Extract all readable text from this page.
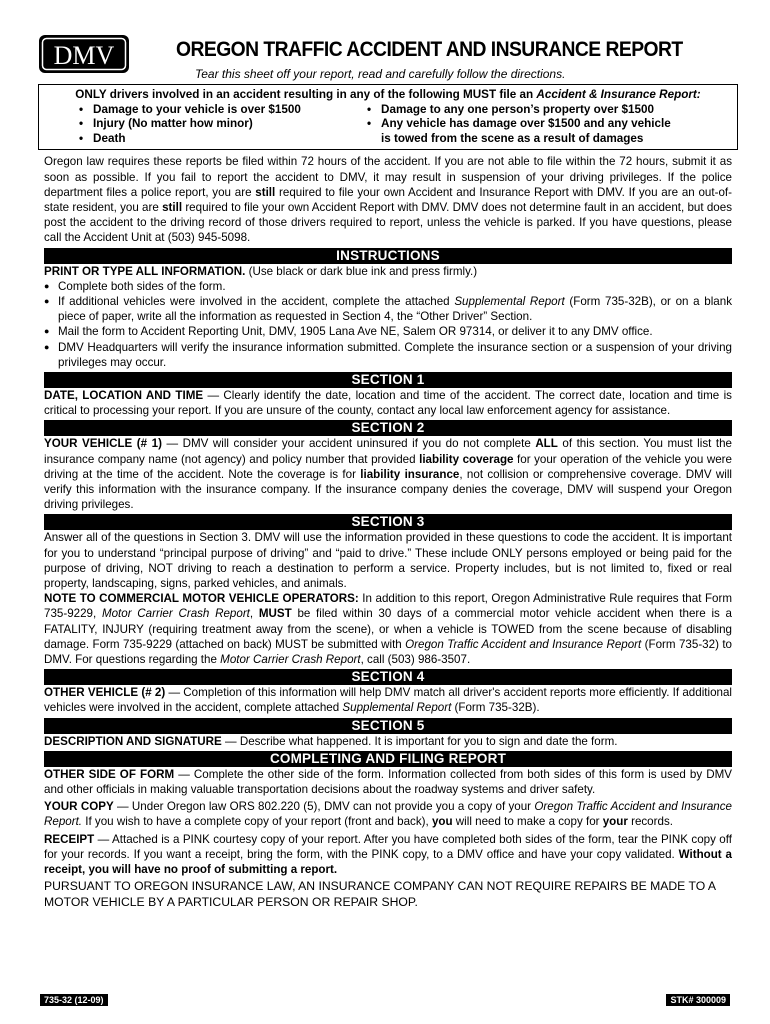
DMV	OREGON TRAFFIC ACCIDENT AND INSURANCE REPORT
Tear this sheet off your report, read and carefully follow the directions.
ONLY drivers involved in an accident resulting in any of the following MUST file an Accident & Insurance Report:
• Damage to your vehicle is over $1500
• Injury (No matter how minor)
• Death
• Damage to any one person’s property over $1500
• Any vehicle has damage over $1500 and any vehicle
is towed from the scene as a result of damages
Oregon law requires these reports be filed within 72 hours of the accident. If you are not able to file within the 72 hours, submit it as soon as possible. If you fail to report the accident to DMV, it may result in suspension of your driving privileges. If the police department files a police report, you are still required to file your own Accident and Insurance Report with DMV. If you are an out-of-state resident, you are still required to file your own Accident Report with DMV. DMV does not determine fault in an accident, but does post the accident to the driving record of those drivers required to report, unless the vehicle is parked. If you have questions, please call the Accident Unit at (503) 945-5098.
INSTRUCTIONS
PRINT OR TYPE ALL INFORMATION. (Use black or dark blue ink and press firmly.)
● Complete both sides of the form.
● If additional vehicles were involved in the accident, complete the attached Supplemental Report (Form 735-32B), or on a blank piece of paper, write all the information as requested in Section 4, the “Other Driver” Section.
● Mail the form to Accident Reporting Unit, DMV, 1905 Lana Ave NE, Salem OR 97314, or deliver it to any DMV office.
● DMV Headquarters will verify the insurance information submitted. Complete the insurance section or a suspension of your driving privileges may occur.
SECTION 1
DATE, LOCATION AND TIME — Clearly identify the date, location and time of the accident. The correct date, location and time is critical to processing your report. If you are unsure of the county, contact any local law enforcement agency for assistance.
SECTION 2
YOUR VEHICLE (# 1) — DMV will consider your accident uninsured if you do not complete ALL of this section. You must list the insurance company name (not agency) and policy number that provided liability coverage for your operation of the vehicle you were driving at the time of the accident. Note the coverage is for liability insurance, not collision or comprehensive coverage. DMV will verify this information with the insurance company. If the insurance company denies the coverage, DMV will suspend your Oregon driving privileges.
SECTION 3
Answer all of the questions in Section 3. DMV will use the information provided in these questions to code the accident. It is important for you to understand “principal purpose of driving” and “paid to drive.” These include ONLY persons employed or being paid for the purpose of driving, NOT driving to reach a destination to perform a service. Property includes, but is not limited to, fixed or real property, landscaping, signs, parked vehicles, and animals.
NOTE TO COMMERCIAL MOTOR VEHICLE OPERATORS: In addition to this report, Oregon Administrative Rule requires that Form 735-9229, Motor Carrier Crash Report, MUST be filed within 30 days of a commercial motor vehicle accident when there is a FATALITY, INJURY (requiring treatment away from the scene), or when a vehicle is TOWED from the scene because of disabling damage. Form 735-9229 (attached on back) MUST be submitted with Oregon Traffic Accident and Insurance Report (Form 735-32) to DMV. For questions regarding the Motor Carrier Crash Report, call (503) 986-3507.
SECTION 4
OTHER VEHICLE (# 2) — Completion of this information will help DMV match all driver's accident reports more efficiently. If additional vehicles were involved in the accident, complete attached Supplemental Report (Form 735-32B).
SECTION 5
DESCRIPTION AND SIGNATURE — Describe what happened. It is important for you to sign and date the form.
COMPLETING AND FILING REPORT
OTHER SIDE OF FORM — Complete the other side of the form. Information collected from both sides of this form is used by DMV and other officials in making valuable transportation decisions about the roadway systems and driver safety.
YOUR COPY — Under Oregon law ORS 802.220 (5), DMV can not provide you a copy of your Oregon Traffic Accident and Insurance Report. If you wish to have a complete copy of your report (front and back), you will need to make a copy for your records.
RECEIPT — Attached is a PINK courtesy copy of your report. After you have completed both sides of the form, tear the PINK copy off for your records. If you want a receipt, bring the form, with the PINK copy, to a DMV office and have your copy validated. Without a receipt, you will have no proof of submitting a report.
PURSUANT TO OREGON INSURANCE LAW, AN INSURANCE COMPANY CAN NOT REQUIRE REPAIRS BE MADE TO A MOTOR VEHICLE BY A PARTICULAR PERSON OR REPAIR SHOP.
735-32 (12-09)	STK# 300009
